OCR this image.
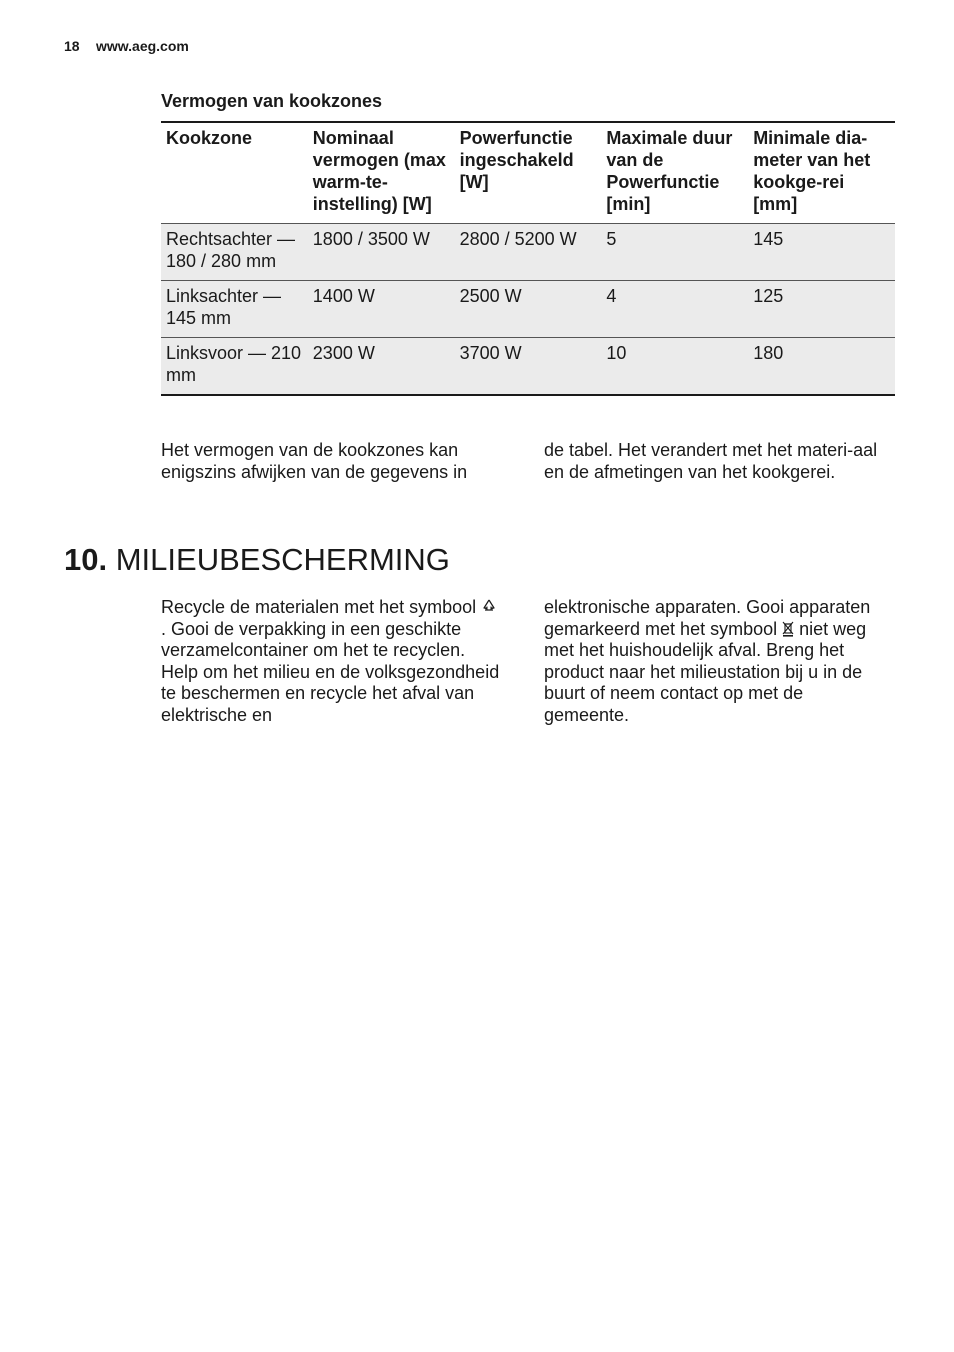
18 www.aeg.com
Vermogen van kookzones
Kookzone	Nominaal vermogen (max warm-te-instelling) [W]	Powerfunctie ingeschakeld [W]	Maximale duur van de Powerfunctie [min]	Minimale dia-meter van het kookge-rei [mm]
Rechtsachter — 180 / 280 mm	1800 / 3500 W	2800 / 5200 W	5	145
Linksachter — 145 mm	1400 W	2500 W	4	125
Linksvoor — 210 mm	2300 W	3700 W	10	180
Het vermogen van de kookzones kan enigszins afwijken van de gegevens in
de tabel. Het verandert met het materi-aal en de afmetingen van het kookgerei.
10. MILIEUBESCHERMING
Recycle de materialen met het symbool  . Gooi de verpakking in een geschikte verzamelcontainer om het te recyclen.
Help om het milieu en de volksgezondheid te beschermen en recycle het afval van elektrische en
elektronische apparaten. Gooi apparaten gemarkeerd met het symbool niet weg met het huishoudelijk afval. Breng het product naar het milieustation bij u in de buurt of neem contact op met de gemeente.
